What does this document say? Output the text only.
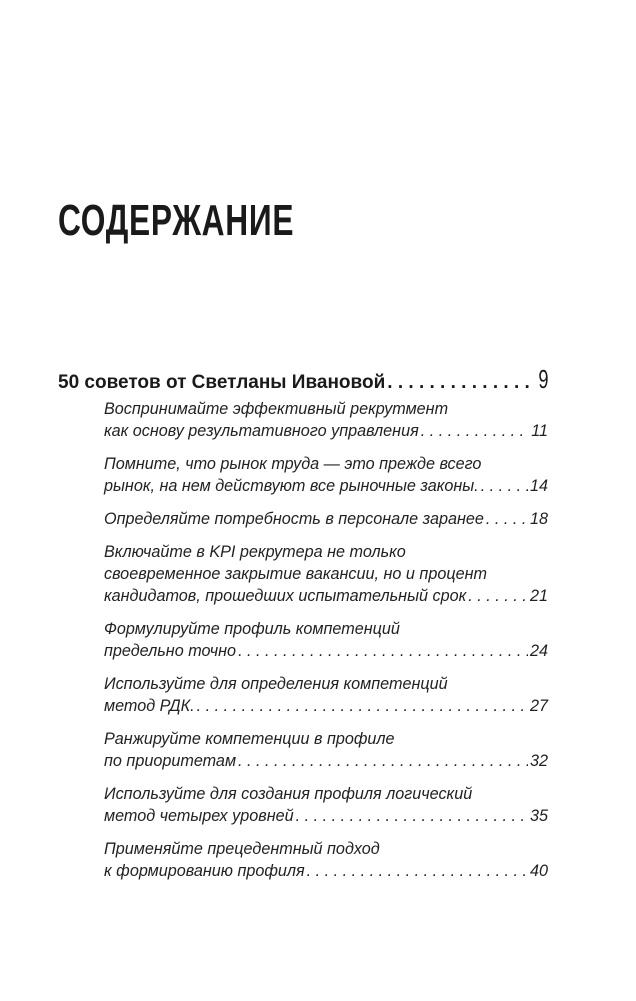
СОДЕРЖАНИЕ
50 советов от Светланы Ивановой . . .	9
Воспринимайте эффективный рекрутмент
как основу результативного управления . . .	11
Помните, что рынок труда — это прежде всего
рынок, на нем действуют все рыночные законы. . . .	14
Определяйте потребность в персонале заранее . . .	18
Включайте в KPI рекрутера не только
своевременное закрытие вакансии, но и процент
кандидатов, прошедших испытательный срок . . .	21
Формулируйте профиль компетенций
предельно точно . . .	24
Используйте для определения компетенций
метод РДК. . . .	27
Ранжируйте компетенции в профиле
по приоритетам . . .	32
Используйте для создания профиля логический
метод четырех уровней . . .	35
Применяйте прецедентный подход
к формированию профиля . . .	40
